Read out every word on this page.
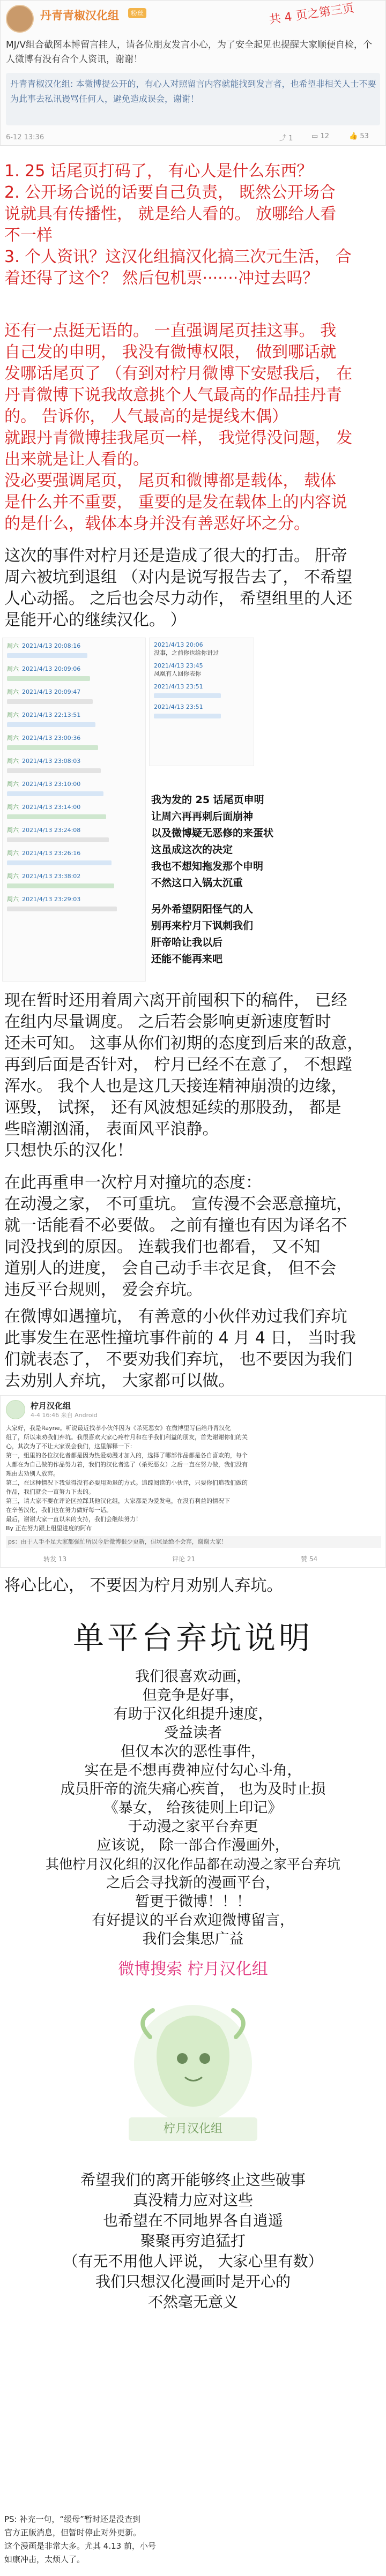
丹青青椒汉化组	粉丝	共 4 页之第三页
MJ/V组合截图本博留言挂人，请各位朋友发言小心，为了安全起见也提醒大家顺便自检，个人微博有没有合个人资讯，谢谢！
丹青青椒汉化组: 本微博提公开的，有心人对照留言内容就能找到发言者，也希望非相关人士不要为此事去私讯谩骂任何人，避免造成误会，谢谢！
6-12 13:36	⤴ 1	▭ 12	👍 53
1. 25 话尾页打码了， 有心人是什么东西？
2. 公开场合说的话要自己负责， 既然公开场合
说就具有传播性， 就是给人看的。 放哪给人看
不一样
3. 个人资讯？这汉化组搞汉化搞三次元生活， 合
着还得了这个？ 然后包机票·······冲过去吗？
还有一点挺无语的。 一直强调尾页挂这事。 我
自己发的申明， 我没有微博权限， 做到哪话就
发哪话尾页了 （有到对柠月微博下安慰我后， 在
丹青微博下说我故意挑个人气最高的作品挂丹青
的。 告诉你， 人气最高的是提线木偶）
就跟丹青微博挂我尾页一样， 我觉得没问题， 发
出来就是让人看的。
没必要强调尾页， 尾页和微博都是载体， 载体
是什么并不重要， 重要的是发在载体上的内容说
的是什么，载体本身并没有善恶好坏之分。
这次的事件对柠月还是造成了很大的打击。 肝帝
周六被坑到退组 （对内是说写报告去了， 不希望
人心动摇。 之后也会尽力动作， 希望组里的人还
是能开心的继续汉化。 ）
周六 2021/4/13 20:08:16
周六 2021/4/13 20:09:06
周六 2021/4/13 20:09:47
周六 2021/4/13 22:13:51
周六 2021/4/13 23:00:36
周六 2021/4/13 23:08:03
周六 2021/4/13 23:10:00
周六 2021/4/13 23:14:00
周六 2021/4/13 23:24:08
周六 2021/4/13 23:26:16
周六 2021/4/13 23:38:02
周六 2021/4/13 23:29:03
2021/4/13 20:06
没事，之前你也给你讲过
2021/4/13 23:45
凤凰有人回你表你
2021/4/13 23:51
2021/4/13 23:51
我为发的 25 话尾页申明
让周六再再刺后面崩神
以及微博疑无恶修的来蛋状
这虽成这次的决定
我也不想知拖发那个申明
不然这口入锅太沉重
另外希望阴阳怪气的人
别再来柠月下讽刺我们
肝帝哈让我以后
还能不能再来吧
现在暂时还用着周六离开前囤积下的稿件， 已经
在组内尽量调度。 之后若会影响更新速度暂时
还未可知。 这事从你们初期的态度到后来的敌意，
再到后面是否针对， 柠月已经不在意了， 不想蹚
浑水。 我个人也是这几天接连精神崩溃的边缘，
诬毁， 试探， 还有风波想延续的那股劲， 都是
些暗潮汹涌， 表面风平浪静。
只想快乐的汉化！
在此再重申一次柠月对撞坑的态度：
在动漫之家， 不可重坑。 宣传漫不会恶意撞坑，
就一话能看不必要做。 之前有撞也有因为译名不
同没找到的原因。 连载我们也都看， 又不知
道别人的进度， 会自己动手丰衣足食， 但不会
违反平台规则， 爱会弃坑。
在微博如遇撞坑， 有善意的小伙伴劝过我们弃坑
此事发生在恶性撞坑事件前的 4 月 4 日， 当时我
们就表态了， 不要劝我们弃坑， 也不要因为我们
去劝别人弃坑， 大家都可以做。
柠月汉化组
4-4 16:46 来自 Android
大家好，我是Rayne。听说最近找孝小伙伴因为《杀死恶女》在微博里写信给丹青汉化
组了，所以来劝我们弃坑。我很喜欢大家心疼柠月和在乎我们利益的朋友，首先谢谢你们的关
心，其次为了不让大家误会我们，这里解释一下：
第一，组里的各位汉化者都是因为热爱动漫才加入的，选择了哪部作品都是各自喜欢的，每个
人都在为自己做的作品努力着，我们的汉化者选了（杀死恶女）之后一直在努力做，我们没有
理由去劝别人放弃。
第二，在这种情况下我觉得没有必要用劝退的方式。追踪阅读的小伙伴，只要你们追我们做的
作品，我们就会一直努力下去的。
第三，请大家不要在评论区拉踩其他汉化组，大家都是为爱发电，在没有利益的情况下
在辛苦汉化，我们也在努力做好每一话。
最后，谢谢大家一直以来的支持，我们会继续努力！
By 正在努力跟上组里进度的阿布
ps：由于人手不足大家都强忙所以今后微博很少更新，但坑是绝不会弃，谢谢大家！
转发 13	评论 21	赞 54
将心比心， 不要因为柠月劝别人弃坑。
单平台弃坑说明
我们很喜欢动画，
但竞争是好事，
有助于汉化组提升速度，
受益读者
但仅本次的恶性事件，
实在是不想再费神应付勾心斗角，
成员肝帝的流失痛心疾首， 也为及时止损
《暴女， 给孩徒则上印记》
于动漫之家平台弃更
应该说， 除一部合作漫画外，
其他柠月汉化组的汉化作品都在动漫之家平台弃坑
之后会寻找新的漫画平台，
暂更于微博！！！
有好提议的平台欢迎微博留言，
我们会集思广益
微博搜索 柠月汉化组
柠月汉化组
希望我们的离开能够终止这些破事
真没精力应对这些
也希望在不同地界各自逍遥
聚聚再穷追猛打
（有无不用他人评说， 大家心里有数）
我们只想汉化漫画时是开心的
不然毫无意义
PS: 补充一句，“缓母”暂时还是没查到
官方正版消息，但暂时停止对外更新。
这个漫画是非常大多。尤其 4.13 前，小号
如康冲击，太烦人了。
